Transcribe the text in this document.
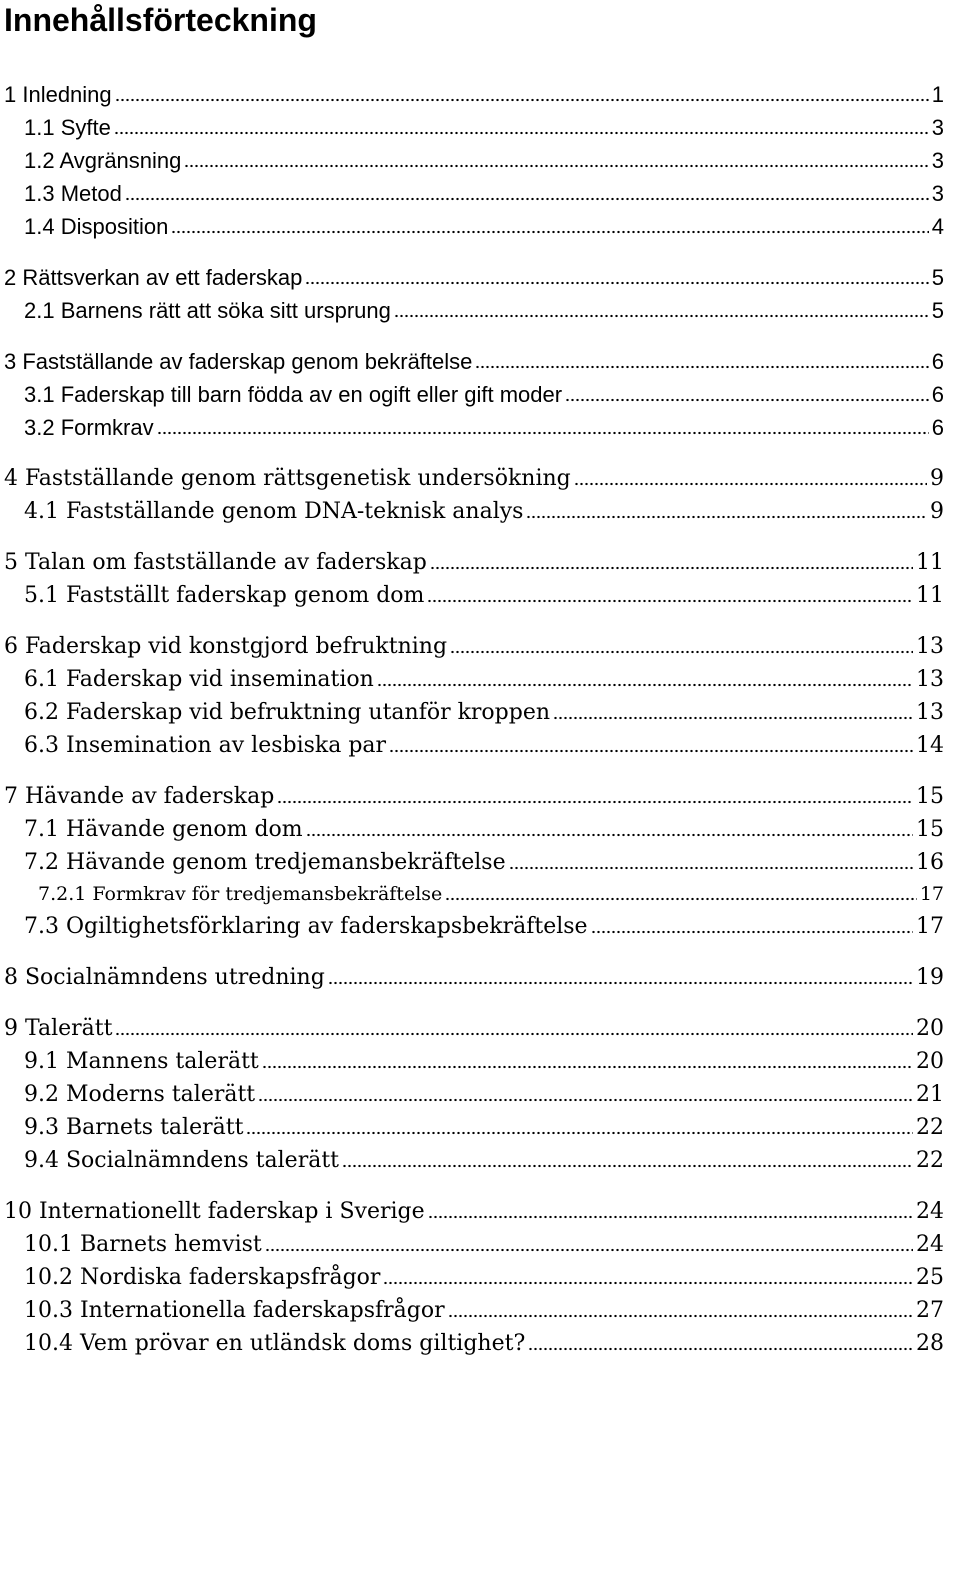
Innehållsförteckning
1 Inledning	1
1.1 Syfte	3
1.2 Avgränsning	3
1.3 Metod	3
1.4 Disposition	4
2 Rättsverkan av ett faderskap	5
2.1 Barnens rätt att söka sitt ursprung	5
3 Fastställande av faderskap genom bekräftelse	6
3.1 Faderskap till barn födda av en ogift eller gift moder	6
3.2 Formkrav	6
4 Fastställande genom rättsgenetisk undersökning	9
4.1 Fastställande genom DNA-teknisk analys	9
5 Talan om fastställande av faderskap	11
5.1 Fastställt faderskap genom dom	11
6 Faderskap vid konstgjord befruktning	13
6.1 Faderskap vid insemination	13
6.2 Faderskap vid befruktning utanför kroppen	13
6.3 Insemination av lesbiska par	14
7 Hävande av faderskap	15
7.1 Hävande genom dom	15
7.2 Hävande genom tredjemansbekräftelse	16
7.2.1 Formkrav för tredjemansbekräftelse	17
7.3 Ogiltighetsförklaring av faderskapsbekräftelse	17
8 Socialnämndens utredning	19
9 Talerätt	20
9.1 Mannens talerätt	20
9.2 Moderns talerätt	21
9.3 Barnets talerätt	22
9.4 Socialnämndens talerätt	22
10 Internationellt faderskap i Sverige	24
10.1 Barnets hemvist	24
10.2 Nordiska faderskapsfrågor	25
10.3 Internationella faderskapsfrågor	27
10.4 Vem prövar en utländsk doms giltighet?	28
